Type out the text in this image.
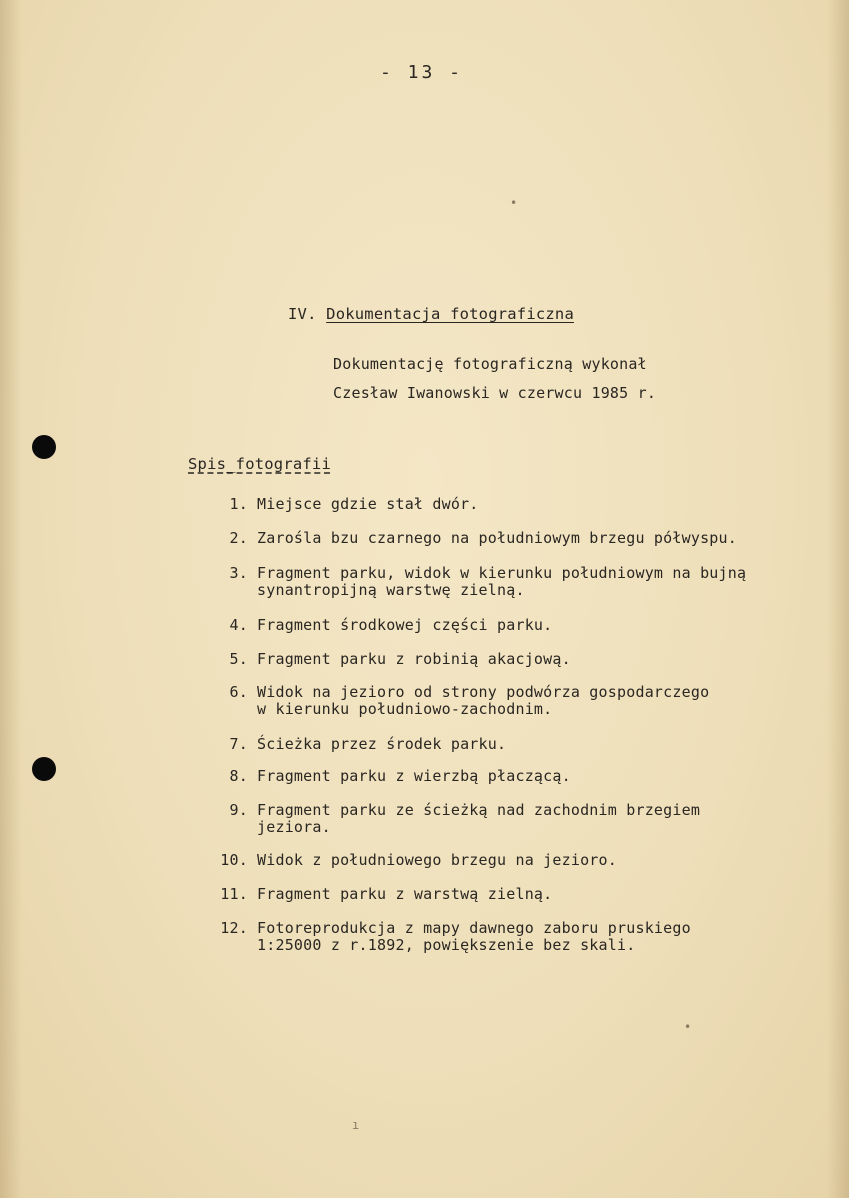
- 13 -
IV. Dokumentacja fotograficzna
Dokumentację fotograficzną wykonał
Czesław Iwanowski w czerwcu 1985 r.
Spis_fotografii
1. Miejsce gdzie stał dwór.
2. Zarośla bzu czarnego na południowym brzegu półwyspu.
3. Fragment parku, widok w kierunku południowym na bujną
synantropijną warstwę zielną.
4. Fragment środkowej części parku.
5. Fragment parku z robinią akacjową.
6. Widok na jezioro od strony podwórza gospodarczego
w kierunku południowo-zachodnim.
7. Ścieżka przez środek parku.
8. Fragment parku z wierzbą płaczącą.
9. Fragment parku ze ścieżką nad zachodnim brzegiem
jeziora.
10. Widok z południowego brzegu na jezioro.
11. Fragment parku z warstwą zielną.
12. Fotoreprodukcja z mapy dawnego zaboru pruskiego
1:25000 z r.1892, powiększenie bez skali.
•
•
ı
